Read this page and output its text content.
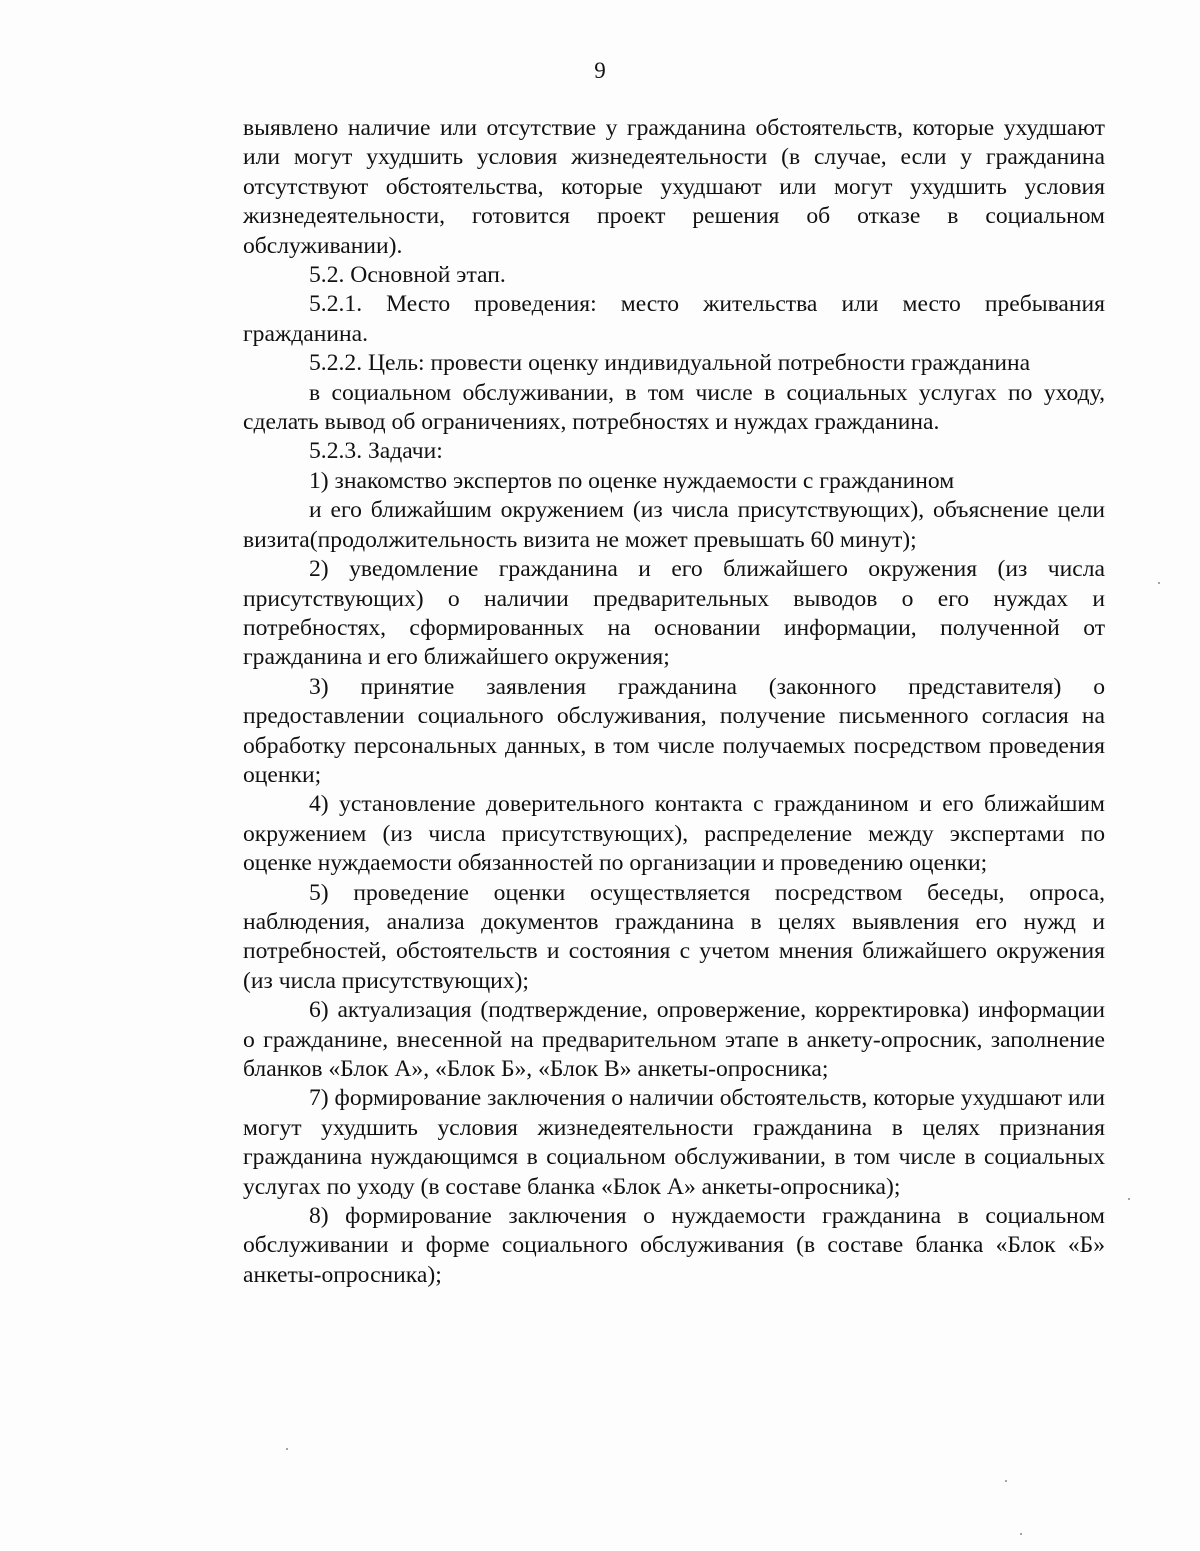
9

выявлено наличие или отсутствие у гражданина обстоятельств, которые ухудшают или могут ухудшить условия жизнедеятельности (в случае, если у гражданина отсутствуют обстоятельства, которые ухудшают или могут ухудшить условия жизнедеятельности, готовится проект решения об отказе в социальном обслуживании).

5.2. Основной этап.

5.2.1. Место проведения: место жительства или место пребывания гражданина.

5.2.2. Цель: провести оценку индивидуальной потребности гражданина

в социальном обслуживании, в том числе в социальных услугах по уходу, сделать вывод об ограничениях, потребностях и нуждах гражданина.

5.2.3. Задачи:

1) знакомство экспертов по оценке нуждаемости с гражданином

и его ближайшим окружением (из числа присутствующих), объяснение цели визита(продолжительность визита не может превышать 60 минут);

2) уведомление гражданина и его ближайшего окружения (из числа присутствующих) о наличии предварительных выводов о его нуждах и потребностях, сформированных на основании информации, полученной от гражданина и его ближайшего окружения;

3) принятие заявления гражданина (законного представителя) о предоставлении социального обслуживания, получение письменного согласия на обработку персональных данных, в том числе получаемых посредством проведения оценки;

4) установление доверительного контакта с гражданином и его ближайшим окружением (из числа присутствующих), распределение между экспертами по оценке нуждаемости обязанностей по организации и проведению оценки;

5) проведение оценки осуществляется посредством беседы, опроса, наблюдения, анализа документов гражданина в целях выявления его нужд и потребностей, обстоятельств и состояния с учетом мнения ближайшего окружения (из числа присутствующих);

6) актуализация (подтверждение, опровержение, корректировка) информации о гражданине, внесенной на предварительном этапе в анкету-опросник, заполнение бланков «Блок А», «Блок Б», «Блок В» анкеты-опросника;

7) формирование заключения о наличии обстоятельств, которые ухудшают или могут ухудшить условия жизнедеятельности гражданина в целях признания гражданина нуждающимся в социальном обслуживании, в том числе в социальных услугах по уходу (в составе бланка «Блок А» анкеты-опросника);

8) формирование заключения о нуждаемости гражданина в социальном обслуживании и форме социального обслуживания (в составе бланка «Блок «Б» анкеты-опросника);
